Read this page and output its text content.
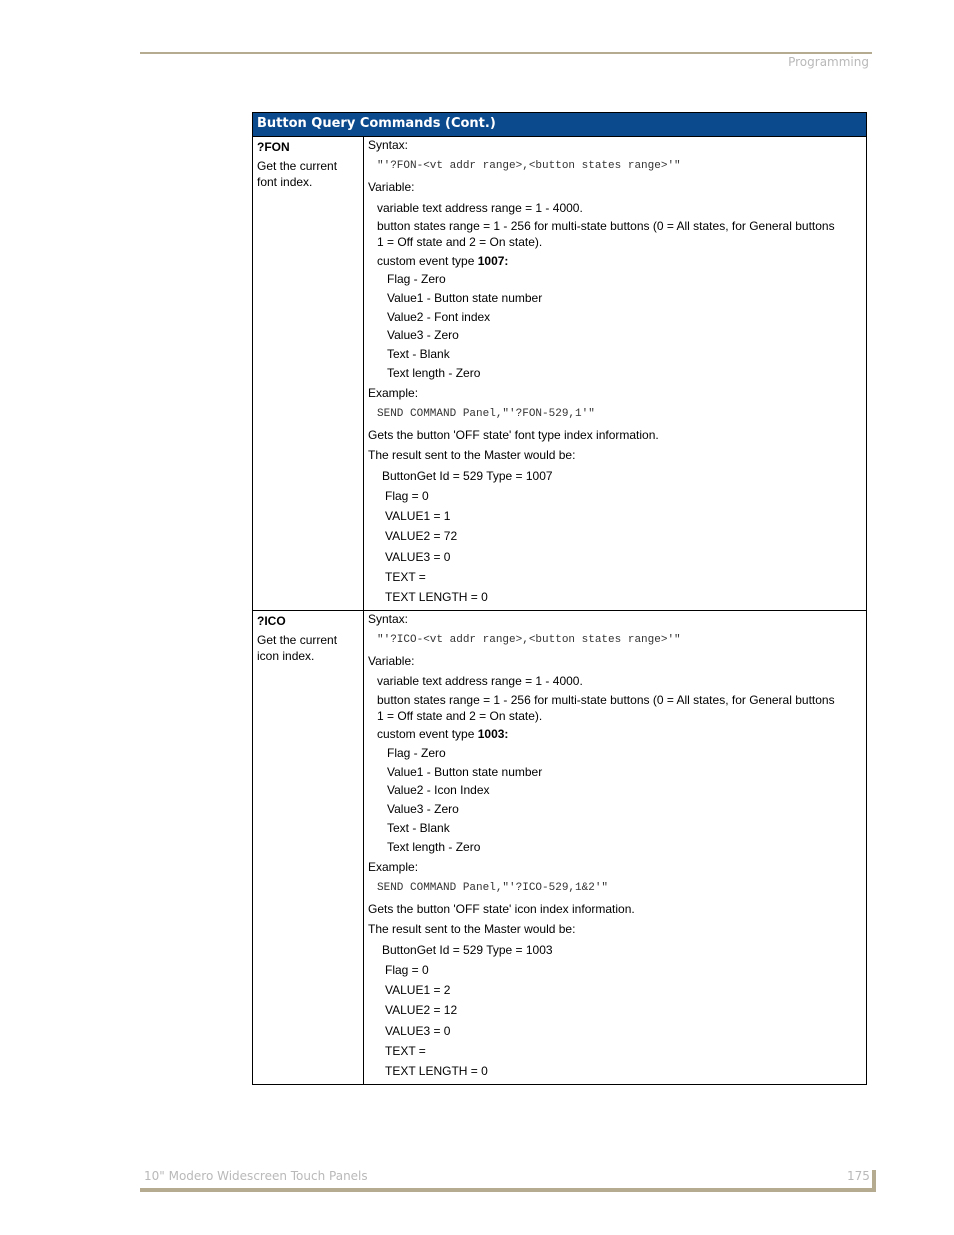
Programming
Button Query Commands (Cont.)
?FON
Get the current font index.
Syntax:
"'?FON-<vt addr range>,<button states range>'"
Variable:
variable text address range = 1 - 4000.
button states range = 1 - 256 for multi-state buttons (0 = All states, for General buttons
1 = Off state and 2 = On state).
custom event type 1007:
Flag - Zero
Value1 - Button state number
Value2 - Font index
Value3 - Zero
Text - Blank
Text length - Zero
Example:
SEND COMMAND Panel,"'?FON-529,1'"
Gets the button 'OFF state' font type index information.
The result sent to the Master would be:
ButtonGet Id = 529 Type = 1007
Flag = 0
VALUE1 = 1
VALUE2 = 72
VALUE3 = 0
TEXT =
TEXT LENGTH = 0
?ICO
Get the current icon index.
Syntax:
"'?ICO-<vt addr range>,<button states range>'"
Variable:
variable text address range = 1 - 4000.
button states range = 1 - 256 for multi-state buttons (0 = All states, for General buttons
1 = Off state and 2 = On state).
custom event type 1003:
Flag - Zero
Value1 - Button state number
Value2 - Icon Index
Value3 - Zero
Text - Blank
Text length - Zero
Example:
SEND COMMAND Panel,"'?ICO-529,1&2'"
Gets the button 'OFF state' icon index information.
The result sent to the Master would be:
ButtonGet Id = 529 Type = 1003
Flag = 0
VALUE1 = 2
VALUE2 = 12
VALUE3 = 0
TEXT =
TEXT LENGTH = 0
10" Modero Widescreen Touch Panels	175
